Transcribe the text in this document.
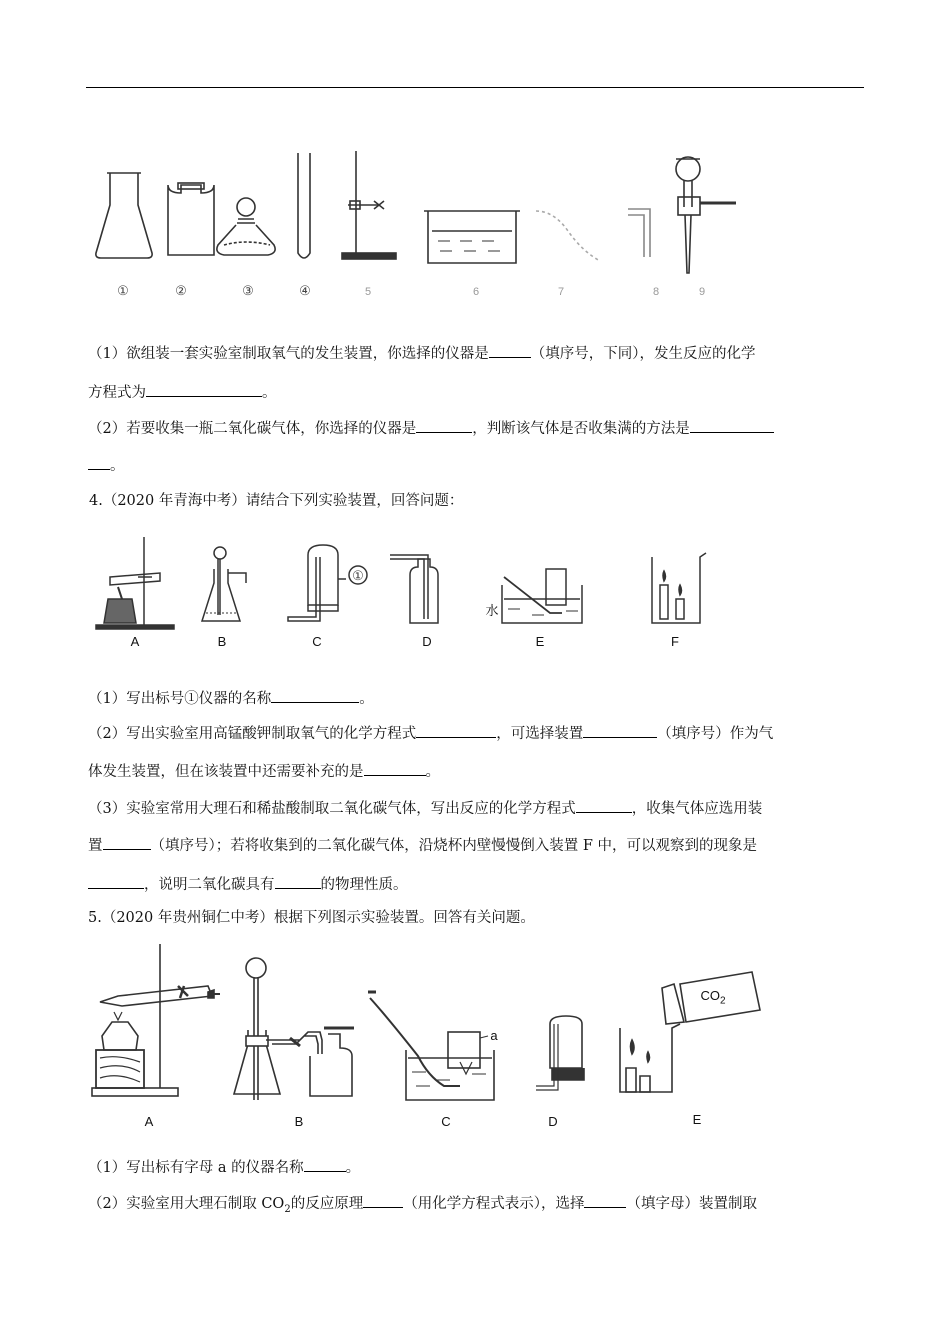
①	②	③	④	5	6	7	8	9
（1）欲组装一套实验室制取氧气的发生装置，你选择的仪器是	（填序号，下同），发生反应的化学
方程式为	。
（2）若要收集一瓶二氧化碳气体，你选择的仪器是	，判断该气体是否收集满的方法是
。
4.（2020 年青海中考）请结合下列实验装置，回答问题：
①
水
A	B	C	D	E	F
（1）写出标号①仪器的名称	。
（2）写出实验室用高锰酸钾制取氧气的化学方程式	，可选择装置	（填序号）作为气
体发生装置，但在该装置中还需要补充的是	。
（3）实验室常用大理石和稀盐酸制取二氧化碳气体，写出反应的化学方程式	，收集气体应选用装
置	（填序号）；若将收集到的二氧化碳气体，沿烧杯内壁慢慢倒入装置 F 中，可以观察到的现象是
，说明二氧化碳具有	的物理性质。
5.（2020 年贵州铜仁中考）根据下列图示实验装置。回答有关问题。
a
$CO_2$
A	B	C	D	E
（1）写出标有字母 a 的仪器名称	。
（2）实验室用大理石制取 $CO_2$的反应原理	（用化学方程式表示），选择	（填字母）装置制取
